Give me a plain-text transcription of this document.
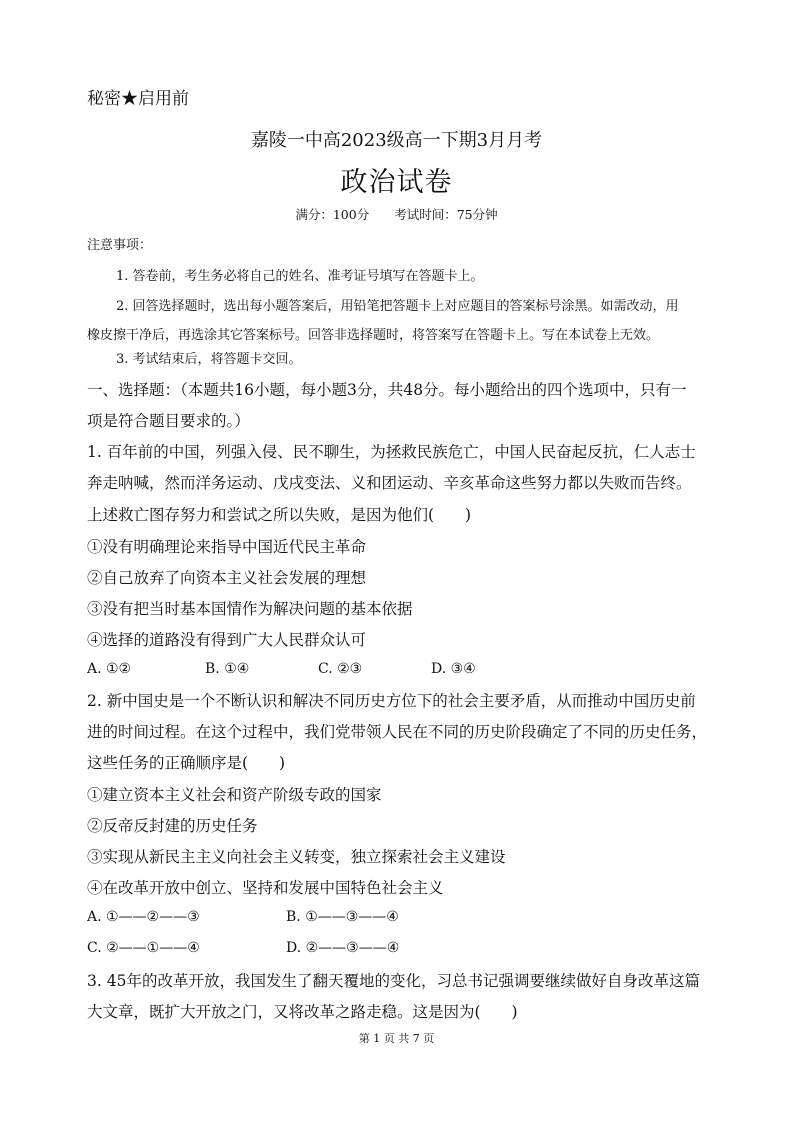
秘密★启用前
嘉陵一中高2023级高一下期3月月考
政治试卷
满分：100分　　考试时间：75分钟
注意事项：
1. 答卷前，考生务必将自己的姓名、准考证号填写在答题卡上。
2. 回答选择题时，选出每小题答案后，用铅笔把答题卡上对应题目的答案标号涂黑。如需改动，用
橡皮擦干净后，再选涂其它答案标号。回答非选择题时，将答案写在答题卡上。写在本试卷上无效。
3. 考试结束后，将答题卡交回。
一、选择题：（本题共16小题，每小题3分，共48分。每小题给出的四个选项中，只有一
项是符合题目要求的。）
1. 百年前的中国，列强入侵、民不聊生，为拯救民族危亡，中国人民奋起反抗，仁人志士
奔走呐喊，然而洋务运动、戊戌变法、义和团运动、辛亥革命这些努力都以失败而告终。
上述救亡图存努力和尝试之所以失败，是因为他们(　　)
①没有明确理论来指导中国近代民主革命
②自己放弃了向资本主义社会发展的理想
③没有把当时基本国情作为解决问题的基本依据
④选择的道路没有得到广大人民群众认可
A. ①②	B. ①④	C. ②③	D. ③④
2. 新中国史是一个不断认识和解决不同历史方位下的社会主要矛盾，从而推动中国历史前
进的时间过程。在这个过程中，我们党带领人民在不同的历史阶段确定了不同的历史任务，
这些任务的正确顺序是(　　)
①建立资本主义社会和资产阶级专政的国家
②反帝反封建的历史任务
③实现从新民主主义向社会主义转变，独立探索社会主义建设
④在改革开放中创立、坚持和发展中国特色社会主义
A. ①——②——③	B. ①——③——④
C. ②——①——④	D. ②——③——④
3. 45年的改革开放，我国发生了翻天覆地的变化，习总书记强调要继续做好自身改革这篇
大文章，既扩大开放之门，又将改革之路走稳。这是因为(　　)
第 1 页 共 7 页
